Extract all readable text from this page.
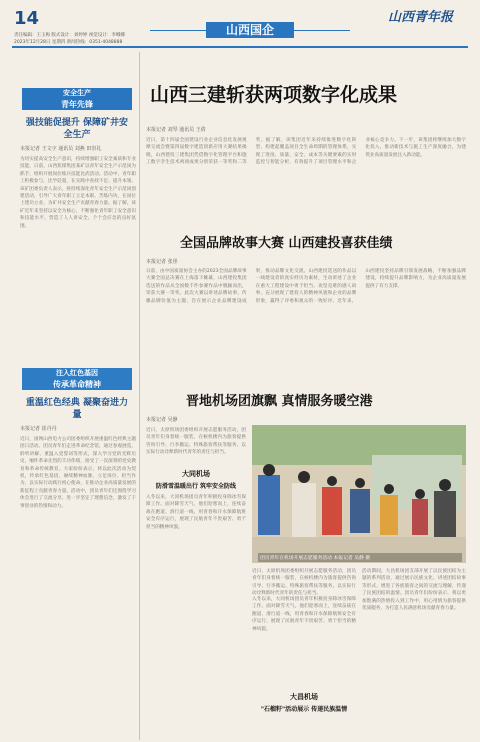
14
责任编辑：王玉梅 版式设计：刘婷婷 视觉设计：李娜娜 2023年12月28日 星期四 新闻热线：0351-4048888
山西国企
山西青年报
安全生产
青年先锋
强技能促提升 保障矿井安全生产
本报记者 王文宇 通讯员 刘燕 田崇礼
为切实提高安全生产意识，持续增强职工安全素质和专业技能，日前，山西焦煤集团某矿以青年安全生产示范岗为抓手，组织开展岗位练兵技能比武活动。活动中，青年职工积极参与，比学赶超，在实践中查找不足、提升本领。该矿团委负责人表示，将持续深化青年安全生产示范岗创建活动，引导广大青年职工立足本职、苦练内功，在岗位上建功立业，为矿井安全生产贡献青春力量。据了解，该矿近年来坚持以安全为核心，不断强化青年职工安全意识和技能水平，营造了人人讲安全、个个会应急的良好氛围。
注入红色基因
传承革命精神
重温红色经典 凝聚奋进力量
本报记者 崔丹丹
近日，国网山西电力公司团委组织开展重温红色经典主题团日活动。团员青年们走进革命纪念馆，通过参观展览、聆听讲解、重温入党誓词等形式，深入学习党的光辉历史，缅怀革命先烈的丰功伟绩，接受了一次深刻的党史教育和革命传统教育。大家纷纷表示，将以此次活动为契机，传承红色基因，赓续精神血脉，立足岗位、担当作为，以实际行动践行初心使命，在推动企业高质量发展的新征程上贡献青春力量。活动中，团员青年们还围绕学习体会进行了交流分享，进一步坚定了理想信念，激发了干事创业的热情和动力。
山西三建斩获两项数字化成果
本报记者 刘琴 通讯员 王倩
近日，第十四届全国建设行业企业信息化发展观摩交流会暨第四届数字建造创新应用大赛结果揭晓，山西建投三建集团凭借数字化管理平台和施工数字孪生技术两项成果分别荣获一等奖和二等奖。据了解，该集团近年来持续推进数字化转型，构建起覆盖项目全生命周期的管理体系，实现了进度、质量、安全、成本等关键要素的实时监控与智能分析，有效提升了项目管理水平和企业核心竞争力。下一步，该集团将继续加大数字化投入，推动新技术与施工生产深度融合，为建筑业高质量发展注入新动能。
全国品牌故事大赛 山西建投喜获佳绩
本报记者 张彤
日前，由中国质量协会主办的2023全国品牌故事大赛全国总决赛在上海落下帷幕，山西建投集团选送的作品从全国数千件参赛作品中脱颖而出，荣获大赛一等奖。此次大赛以讲述品牌故事、传播品牌价值为主题，旨在展示企业品牌建设成果，推动品牌文化交流。山西建投选送的作品以一线建设者的真实经历为素材，生动讲述了企业在重大工程建设中勇于担当、攻坚克难的感人故事，充分展现了建投人的精神风貌和企业的品牌形象，赢得了评委和观众的一致好评。近年来，山西建投坚持品牌引领发展战略，不断加强品牌建设，持续提升品牌影响力，为企业高质量发展提供了有力支撑。
晋地机场团旗飘 真情服务暖空港
本报记者 吴静
近日，太原机场团委组织开展志愿服务活动，团员青年们身着统一服装，在候机楼内为旅客提供咨询引导、行李搬运、特殊旅客帮扶等服务，以实际行动诠释新时代青年的责任与担当。
大同机场
防滑雪温暖出行 筑牢安全防线
入冬以来，大同机场团员青年积极投身除冰雪保障工作。面对降雪天气，他们迎寒而上，连续奋战在跑道、滑行道一线，用青春和汗水保障航班安全有序运行，展现了民航青年不畏艰苦、勇于担当的精神风貌。
团员青年在机场开展志愿服务活动 本报记者 吴静 摄
近日，太原机场团委组织开展志愿服务活动，团员青年们身着统一服装，在候机楼内为旅客提供咨询引导、行李搬运、特殊旅客帮扶等服务，以实际行动诠释新时代青年的责任与担当。
大昌机场
"石榴籽"活动展示 传递民族温情
活动期间，大昌机场团支部开展了以民族团结为主题的系列活动，通过展示民族文化、讲述团结故事等形式，增进了各族旅客之间的交流与理解，传递了民族团结的温情。团员青年们纷纷表示，将以更加饱满的热情投入到工作中，用心用情为旅客提供优质服务，为打造人民满意机场贡献青春力量。
入冬以来，大同机场团员青年积极投身除冰雪保障工作。面对降雪天气，他们迎寒而上，连续奋战在跑道、滑行道一线，用青春和汗水保障航班安全有序运行，展现了民航青年不畏艰苦、勇于担当的精神风貌。
